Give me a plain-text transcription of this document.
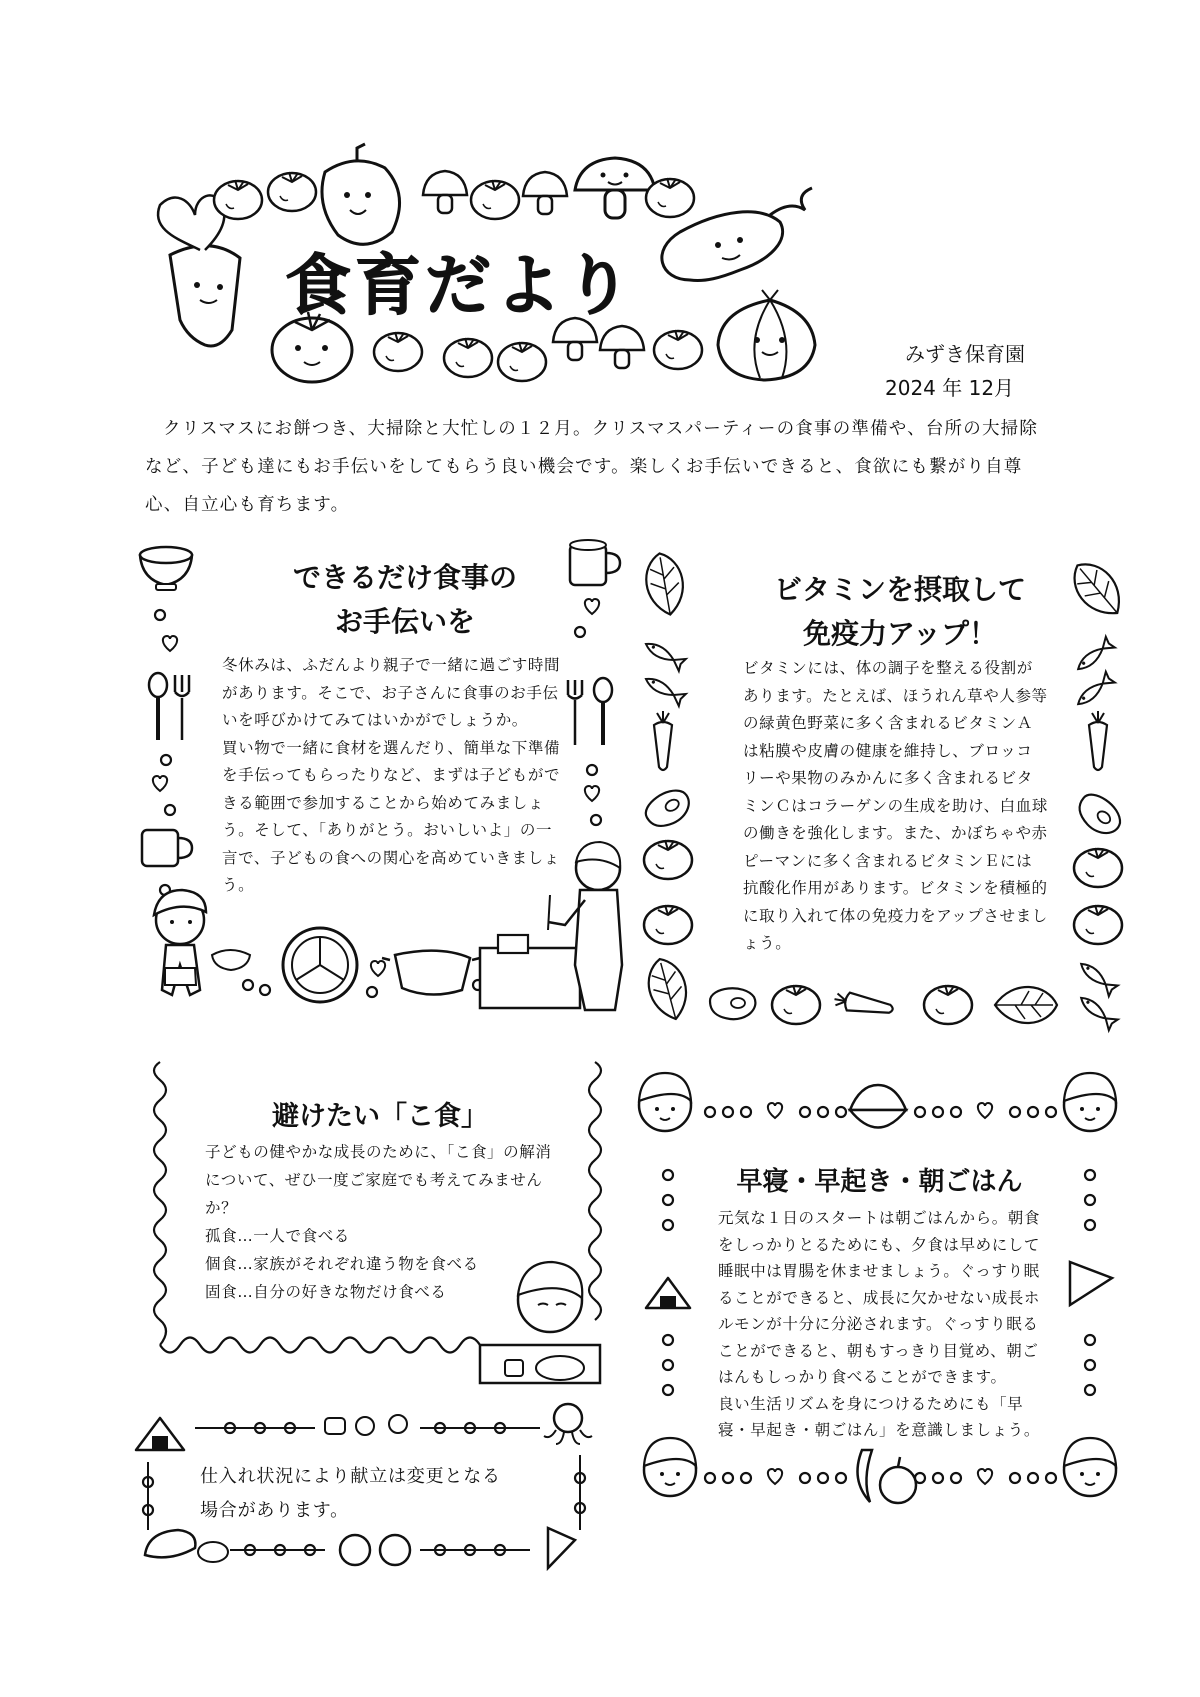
食育だより
みずき保育園
2024 年 12月

クリスマスにお餅つき、大掃除と大忙しの１２月。クリスマスパーティーの食事の準備や、台所の大掃除など、子ども達にもお手伝いをしてもらう良い機会です。楽しくお手伝いできると、食欲にも繋がり自尊心、自立心も育ちます。

できるだけ食事の
お手伝いを

冬休みは、ふだんより親子で一緒に過ごす時間があります。そこで、お子さんに食事のお手伝いを呼びかけてみてはいかがでしょうか。

買い物で一緒に食材を選んだり、簡単な下準備を手伝ってもらったりなど、まずは子どもができる範囲で参加することから始めてみましょう。そして、「ありがとう。おいしいよ」の一言で、子どもの食への関心を高めていきましょう。

ビタミンを摂取して
免疫力アップ！

ビタミンには、体の調子を整える役割があります。たとえば、ほうれん草や人参等の緑黄色野菜に多く含まれるビタミンＡは粘膜や皮膚の健康を維持し、ブロッコリーや果物のみかんに多く含まれるビタミンＣはコラーゲンの生成を助け、白血球の働きを強化します。また、かぼちゃや赤ピーマンに多く含まれるビタミンＥには抗酸化作用があります。ビタミンを積極的に取り入れて体の免疫力をアップさせましょう。

避けたい「こ食」

子どもの健やかな成長のために、「こ食」の解消について、ぜひ一度ご家庭でも考えてみませんか？

孤食…一人で食べる

個食…家族がそれぞれ違う物を食べる

固食…自分の好きな物だけ食べる

早寝・早起き・朝ごはん

元気な１日のスタートは朝ごはんから。朝食をしっかりとるためにも、夕食は早めにして睡眠中は胃腸を休ませましょう。ぐっすり眠ることができると、成長に欠かせない成長ホルモンが十分に分泌されます。ぐっすり眠ることができると、朝もすっきり目覚め、朝ごはんもしっかり食べることができます。

良い生活リズムを身につけるためにも「早寝・早起き・朝ごはん」を意識しましょう。

仕入れ状況により献立は変更となる
場合があります。
